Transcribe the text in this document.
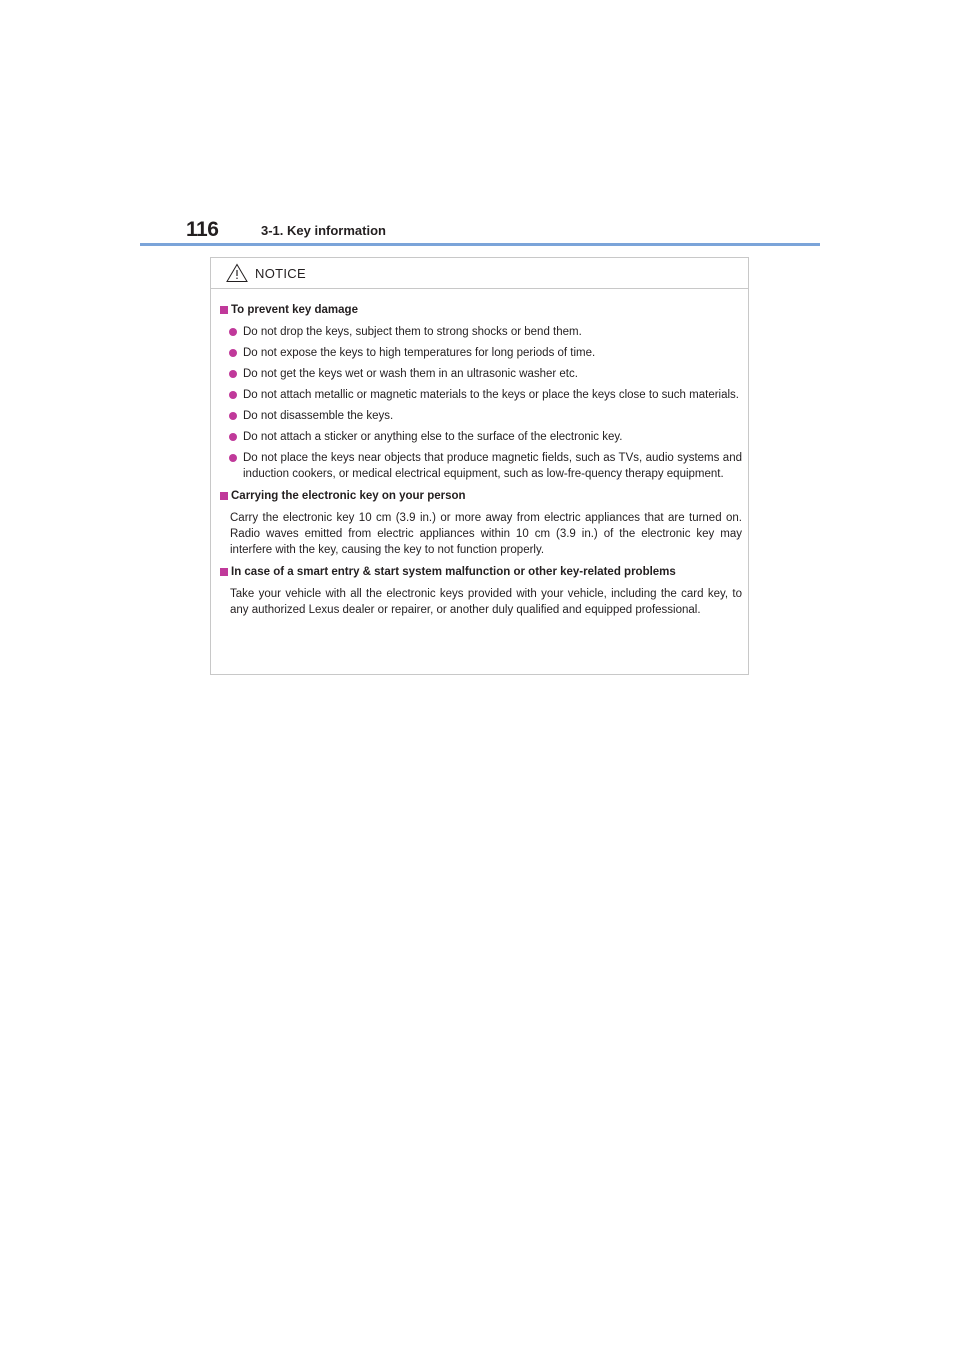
116	3-1. Key information
NOTICE
To prevent key damage
Do not drop the keys, subject them to strong shocks or bend them.
Do not expose the keys to high temperatures for long periods of time.
Do not get the keys wet or wash them in an ultrasonic washer etc.
Do not attach metallic or magnetic materials to the keys or place the keys close to such materials.
Do not disassemble the keys.
Do not attach a sticker or anything else to the surface of the electronic key.
Do not place the keys near objects that produce magnetic fields, such as TVs, audio systems and induction cookers, or medical electrical equipment, such as low-fre-quency therapy equipment.
Carrying the electronic key on your person

Carry the electronic key 10 cm (3.9 in.) or more away from electric appliances that are turned on. Radio waves emitted from electric appliances within 10 cm (3.9 in.) of the electronic key may interfere with the key, causing the key to not function properly.

In case of a smart entry & start system malfunction or other key-related problems

Take your vehicle with all the electronic keys provided with your vehicle, including the card key, to any authorized Lexus dealer or repairer, or another duly qualified and equipped professional.
